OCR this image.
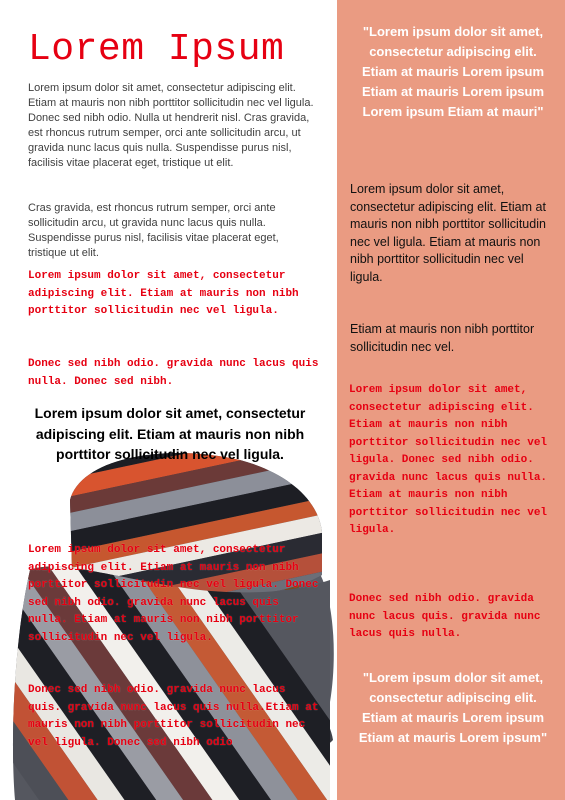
Lorem Ipsum

Lorem ipsum dolor sit amet, consectetur adipiscing elit. Etiam at mauris non nibh porttitor sollicitudin nec vel ligula. Donec sed nibh odio. Nulla ut hendrerit nisl. Cras gravida, est rhoncus rutrum semper, orci ante sollicitudin arcu, ut gravida nunc lacus quis nulla. Suspendisse purus nisl, facilisis vitae placerat eget, tristique ut elit.

Cras gravida, est rhoncus rutrum semper, orci ante sollicitudin arcu, ut gravida nunc lacus quis nulla. Suspendisse purus nisl, facilisis vitae placerat eget, tristique ut elit.

Lorem ipsum dolor sit amet, consectetur adipiscing elit. Etiam at mauris non nibh porttitor sollicitudin nec vel ligula.

Donec sed nibh odio. gravida nunc lacus quis nulla. Donec sed nibh.

Lorem ipsum dolor sit amet, consectetur adipiscing elit. Etiam at mauris non nibh porttitor sollicitudin nec vel ligula.

Lorem ipsum dolor sit amet, consectetur adipiscing elit. Etiam at mauris non nibh porttitor sollicitudin nec vel ligula. Donec sed nibh odio. gravida nunc lacus quis nulla. Etiam at mauris non nibh porttitor sollicitudin nec vel ligula.

Donec sed nibh odio. gravida nunc lacus quis. gravida nunc lacus quis nulla.Etiam at mauris non nibh porttitor sollicitudin nec vel ligula. Donec sed nibh odio

"Lorem ipsum dolor sit amet, consectetur adipiscing elit. Etiam at mauris Lorem ipsum Etiam at mauris Lorem ipsum Lorem ipsum Etiam at mauri"

Lorem ipsum dolor sit amet, consectetur adipiscing elit. Etiam at mauris non nibh porttitor sollicitudin nec vel ligula. Etiam at mauris non nibh porttitor sollicitudin nec vel ligula.

Etiam at mauris non nibh porttitor sollicitudin nec vel.

Lorem ipsum dolor sit amet, consectetur adipiscing elit. Etiam at mauris non nibh porttitor sollicitudin nec vel ligula. Donec sed nibh odio. gravida nunc lacus quis nulla. Etiam at mauris non nibh porttitor sollicitudin nec vel ligula.

Donec sed nibh odio. gravida nunc lacus quis. gravida nunc lacus quis nulla.

"Lorem ipsum dolor sit amet, consectetur adipiscing elit. Etiam at mauris Lorem ipsum Etiam at mauris Lorem ipsum"
